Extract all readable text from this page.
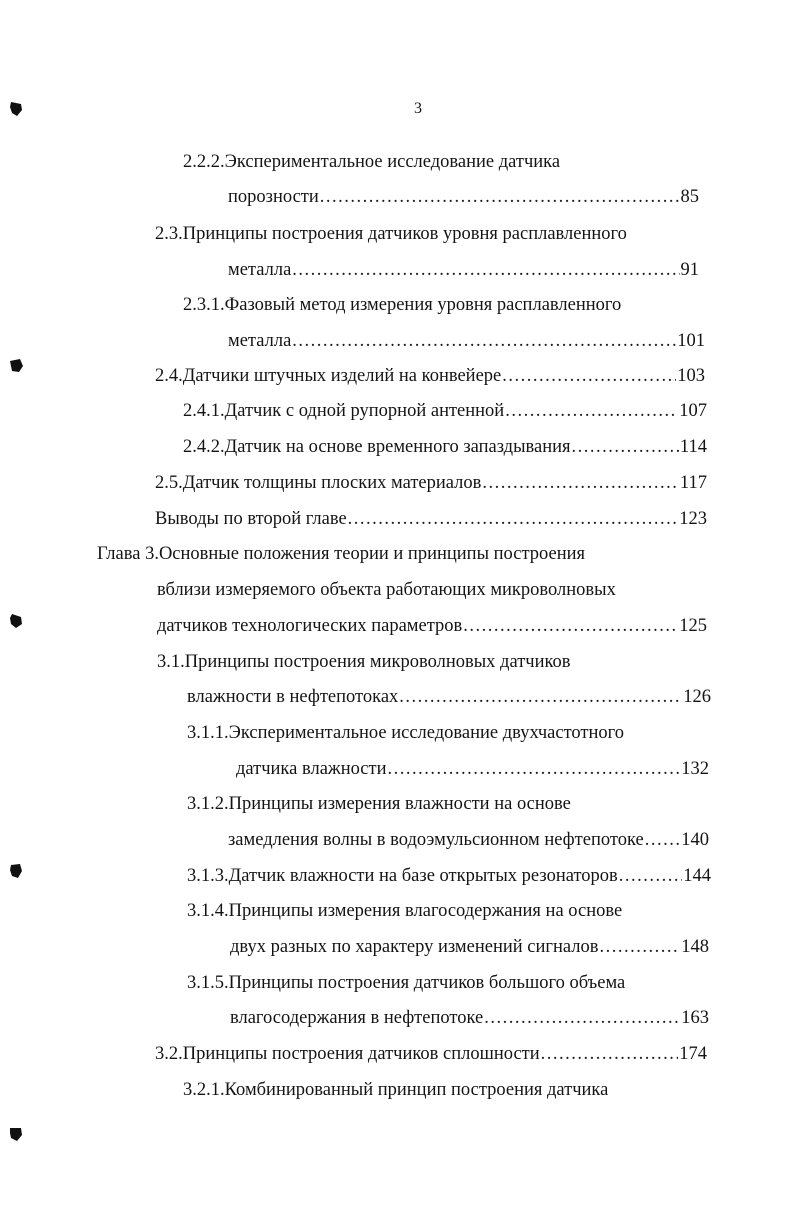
3
2.2.2.Экспериментальное исследование датчика
порозности .....	85
2.3.Принципы построения датчиков уровня расплавленного
металла .....	91
2.3.1.Фазовый метод измерения уровня расплавленного
металла .....	101
2.4.Датчики штучных изделий на конвейере .....	103
2.4.1.Датчик с одной рупорной антенной .....	107
2.4.2.Датчик на основе временного запаздывания .....	114
2.5.Датчик толщины плоских материалов .....	117
Выводы по второй главе .....	123
Глава 3.Основные положения теории и принципы построения
вблизи измеряемого объекта работающих микроволновых
датчиков технологических параметров .....	125
3.1.Принципы построения микроволновых датчиков
влажности в нефтепотоках .....	126
3.1.1.Экспериментальное исследование двухчастотного
датчика влажности .....	132
3.1.2.Принципы измерения влажности на основе
замедления волны в водоэмульсионном нефтепотоке ..... 140
3.1.3.Датчик влажности на базе открытых резонаторов .....	144
3.1.4.Принципы измерения влагосодержания на основе
двух разных по характеру изменений сигналов .....	148
3.1.5.Принципы построения датчиков большого объема
влагосодержания в нефтепотоке .....	163
3.2.Принципы построения датчиков сплошности .....	174
3.2.1.Комбинированный принцип построения датчика
